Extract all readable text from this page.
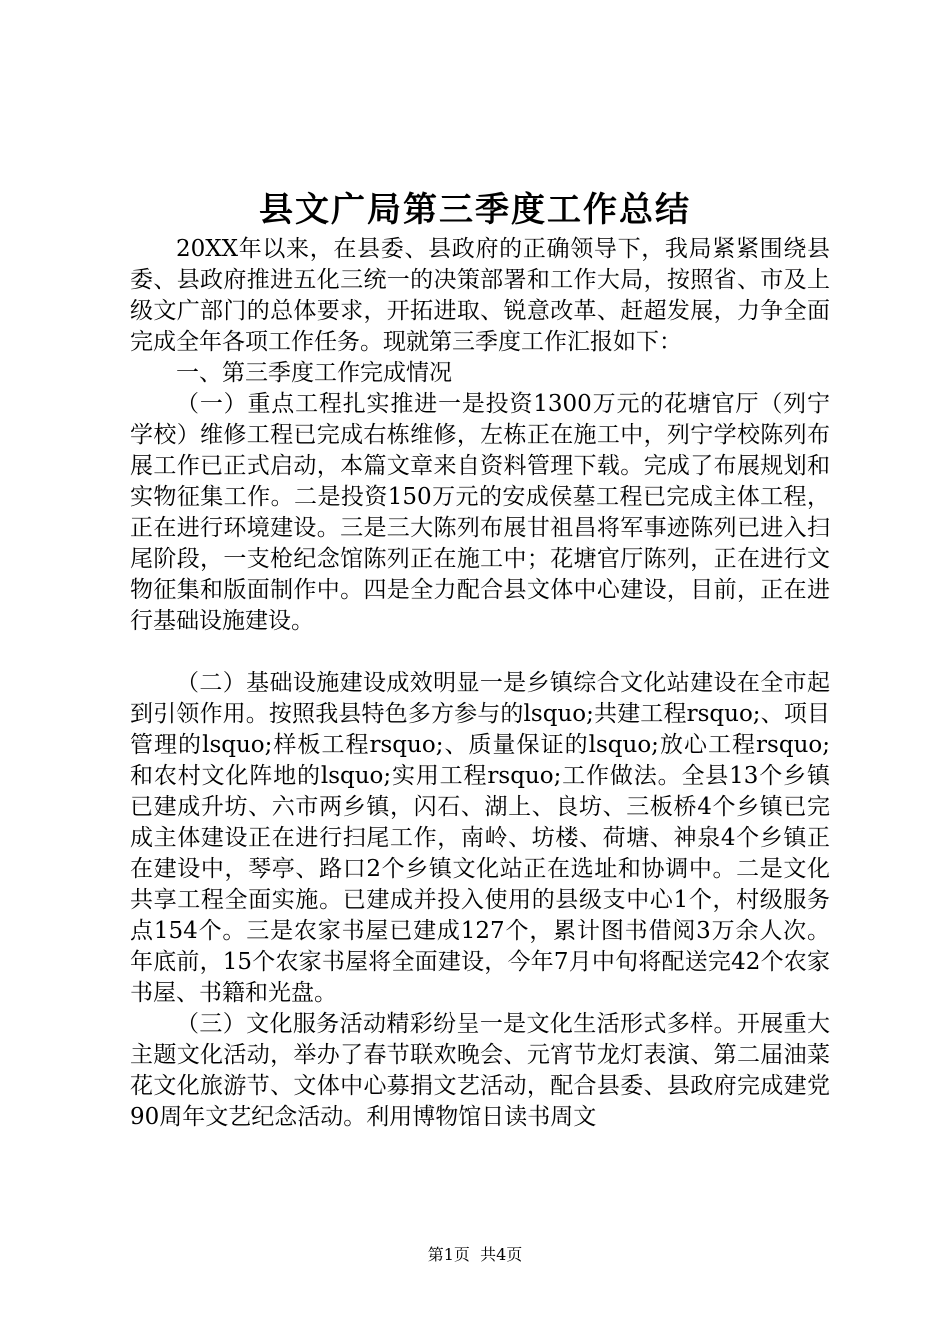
县文广局第三季度工作总结

20XX年以来，在县委、县政府的正确领导下，我局紧紧围绕县委、县政府推进五化三统一的决策部署和工作大局，按照省、市及上级文广部门的总体要求，开拓进取、锐意改革、赶超发展，力争全面完成全年各项工作任务。现就第三季度工作汇报如下：

一、第三季度工作完成情况

（一）重点工程扎实推进一是投资1300万元的花塘官厅（列宁学校）维修工程已完成右栋维修，左栋正在施工中，列宁学校陈列布展工作已正式启动，本篇文章来自资料管理下载。完成了布展规划和实物征集工作。二是投资150万元的安成侯墓工程已完成主体工程，正在进行环境建设。三是三大陈列布展甘祖昌将军事迹陈列已进入扫尾阶段，一支枪纪念馆陈列正在施工中；花塘官厅陈列，正在进行文物征集和版面制作中。四是全力配合县文体中心建设，目前，正在进行基础设施建设。

（二）基础设施建设成效明显一是乡镇综合文化站建设在全市起到引领作用。按照我县特色多方参与的lsquo;共建工程rsquo;、项目管理的lsquo;样板工程rsquo;、质量保证的lsquo;放心工程rsquo;和农村文化阵地的lsquo;实用工程rsquo;工作做法。全县13个乡镇已建成升坊、六市两乡镇，闪石、湖上、良坊、三板桥4个乡镇已完成主体建设正在进行扫尾工作，南岭、坊楼、荷塘、神泉4个乡镇正在建设中，琴亭、路口2个乡镇文化站正在选址和协调中。二是文化共享工程全面实施。已建成并投入使用的县级支中心1个，村级服务点154个。三是农家书屋已建成127个，累计图书借阅3万余人次。年底前，15个农家书屋将全面建设，今年7月中旬将配送完42个农家书屋、书籍和光盘。

（三）文化服务活动精彩纷呈一是文化生活形式多样。开展重大主题文化活动，举办了春节联欢晚会、元宵节龙灯表演、第二届油菜花文化旅游节、文体中心募捐文艺活动，配合县委、县政府完成建党90周年文艺纪念活动。利用博物馆日读书周文

第1页  共4页
